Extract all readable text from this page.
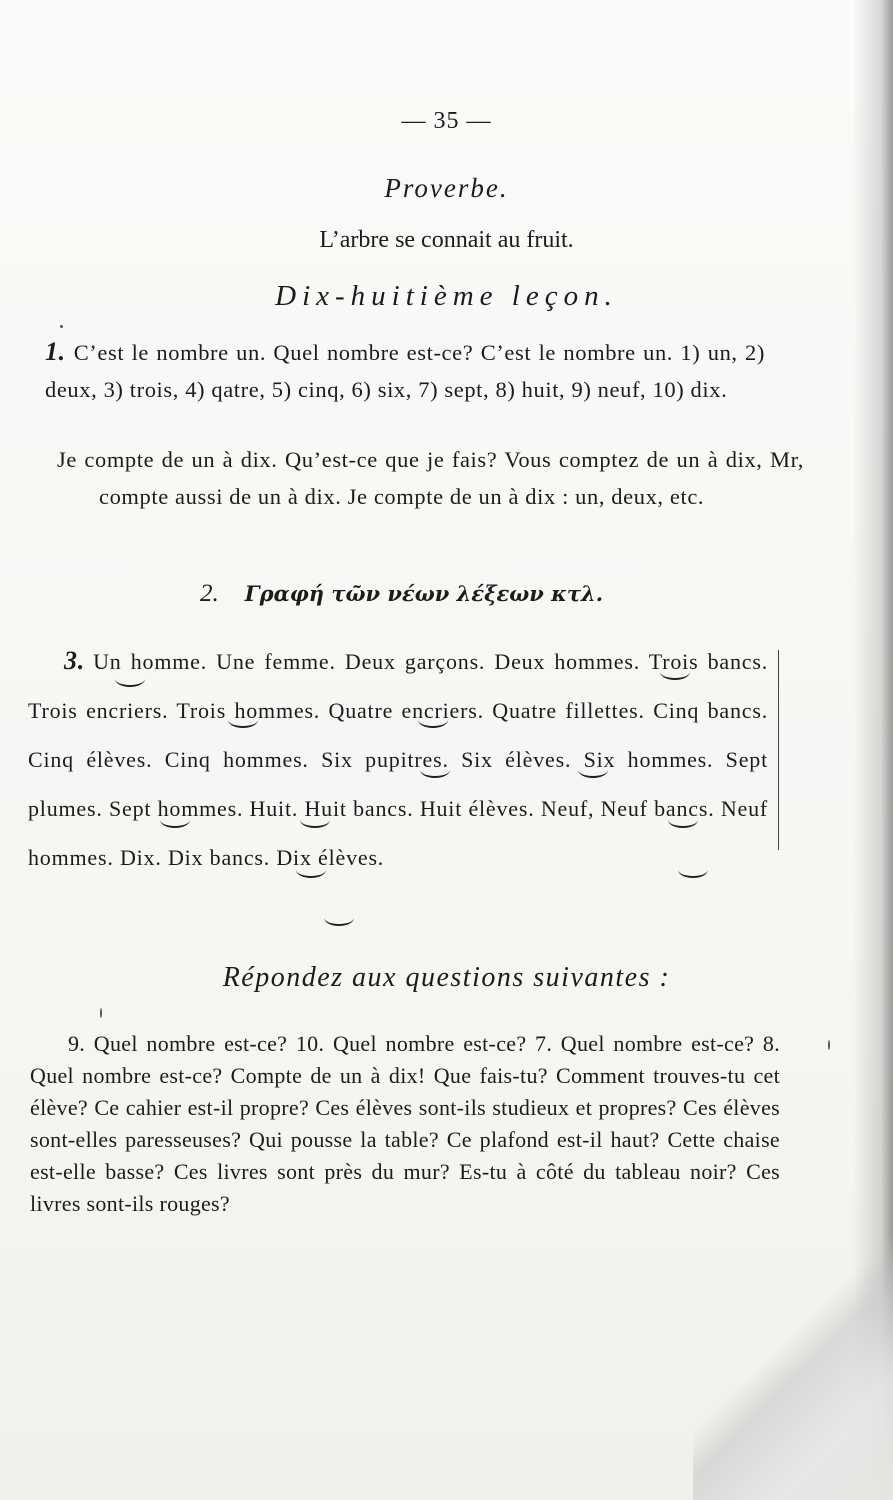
— 35 —
Proverbe.
L’arbre se connait au fruit.
Dix-huitième leçon.
1. C’est le nombre un. Quel nombre est-ce? C’est le nombre un. 1) un, 2) deux, 3) trois, 4) qatre, 5) cinq, 6) six, 7) sept, 8) huit, 9) neuf, 10) dix.
Je compte de un à dix. Qu’est-ce que je fais? Vous comptez de un à dix, Mr, compte aussi de un à dix. Je compte de un à dix : un, deux, etc.
2. Γραφή τῶν νέων λέξεων κτλ.
3. Un homme. Une femme. Deux garçons. Deux hommes. Trois bancs. Trois encriers. Trois hommes. Quatre encriers. Quatre fillettes. Cinq bancs. Cinq élèves. Cinq hommes. Six pupitres. Six élèves. Six hommes. Sept plumes. Sept hommes. Huit. Huit bancs. Huit élèves. Neuf, Neuf bancs. Neuf hommes. Dix. Dix bancs. Dix élèves.
Répondez aux questions suivantes :
9. Quel nombre est-ce? 10. Quel nombre est-ce? 7. Quel nombre est-ce? 8. Quel nombre est-ce? Compte de un à dix! Que fais-tu? Comment trouves-tu cet élève? Ce cahier est-il propre? Ces élèves sont-ils studieux et propres? Ces élèves sont-elles paresseuses? Qui pousse la table? Ce plafond est-il haut? Cette chaise est-elle basse? Ces livres sont près du mur? Es-tu à côté du tableau noir? Ces livres sont-ils rouges?
